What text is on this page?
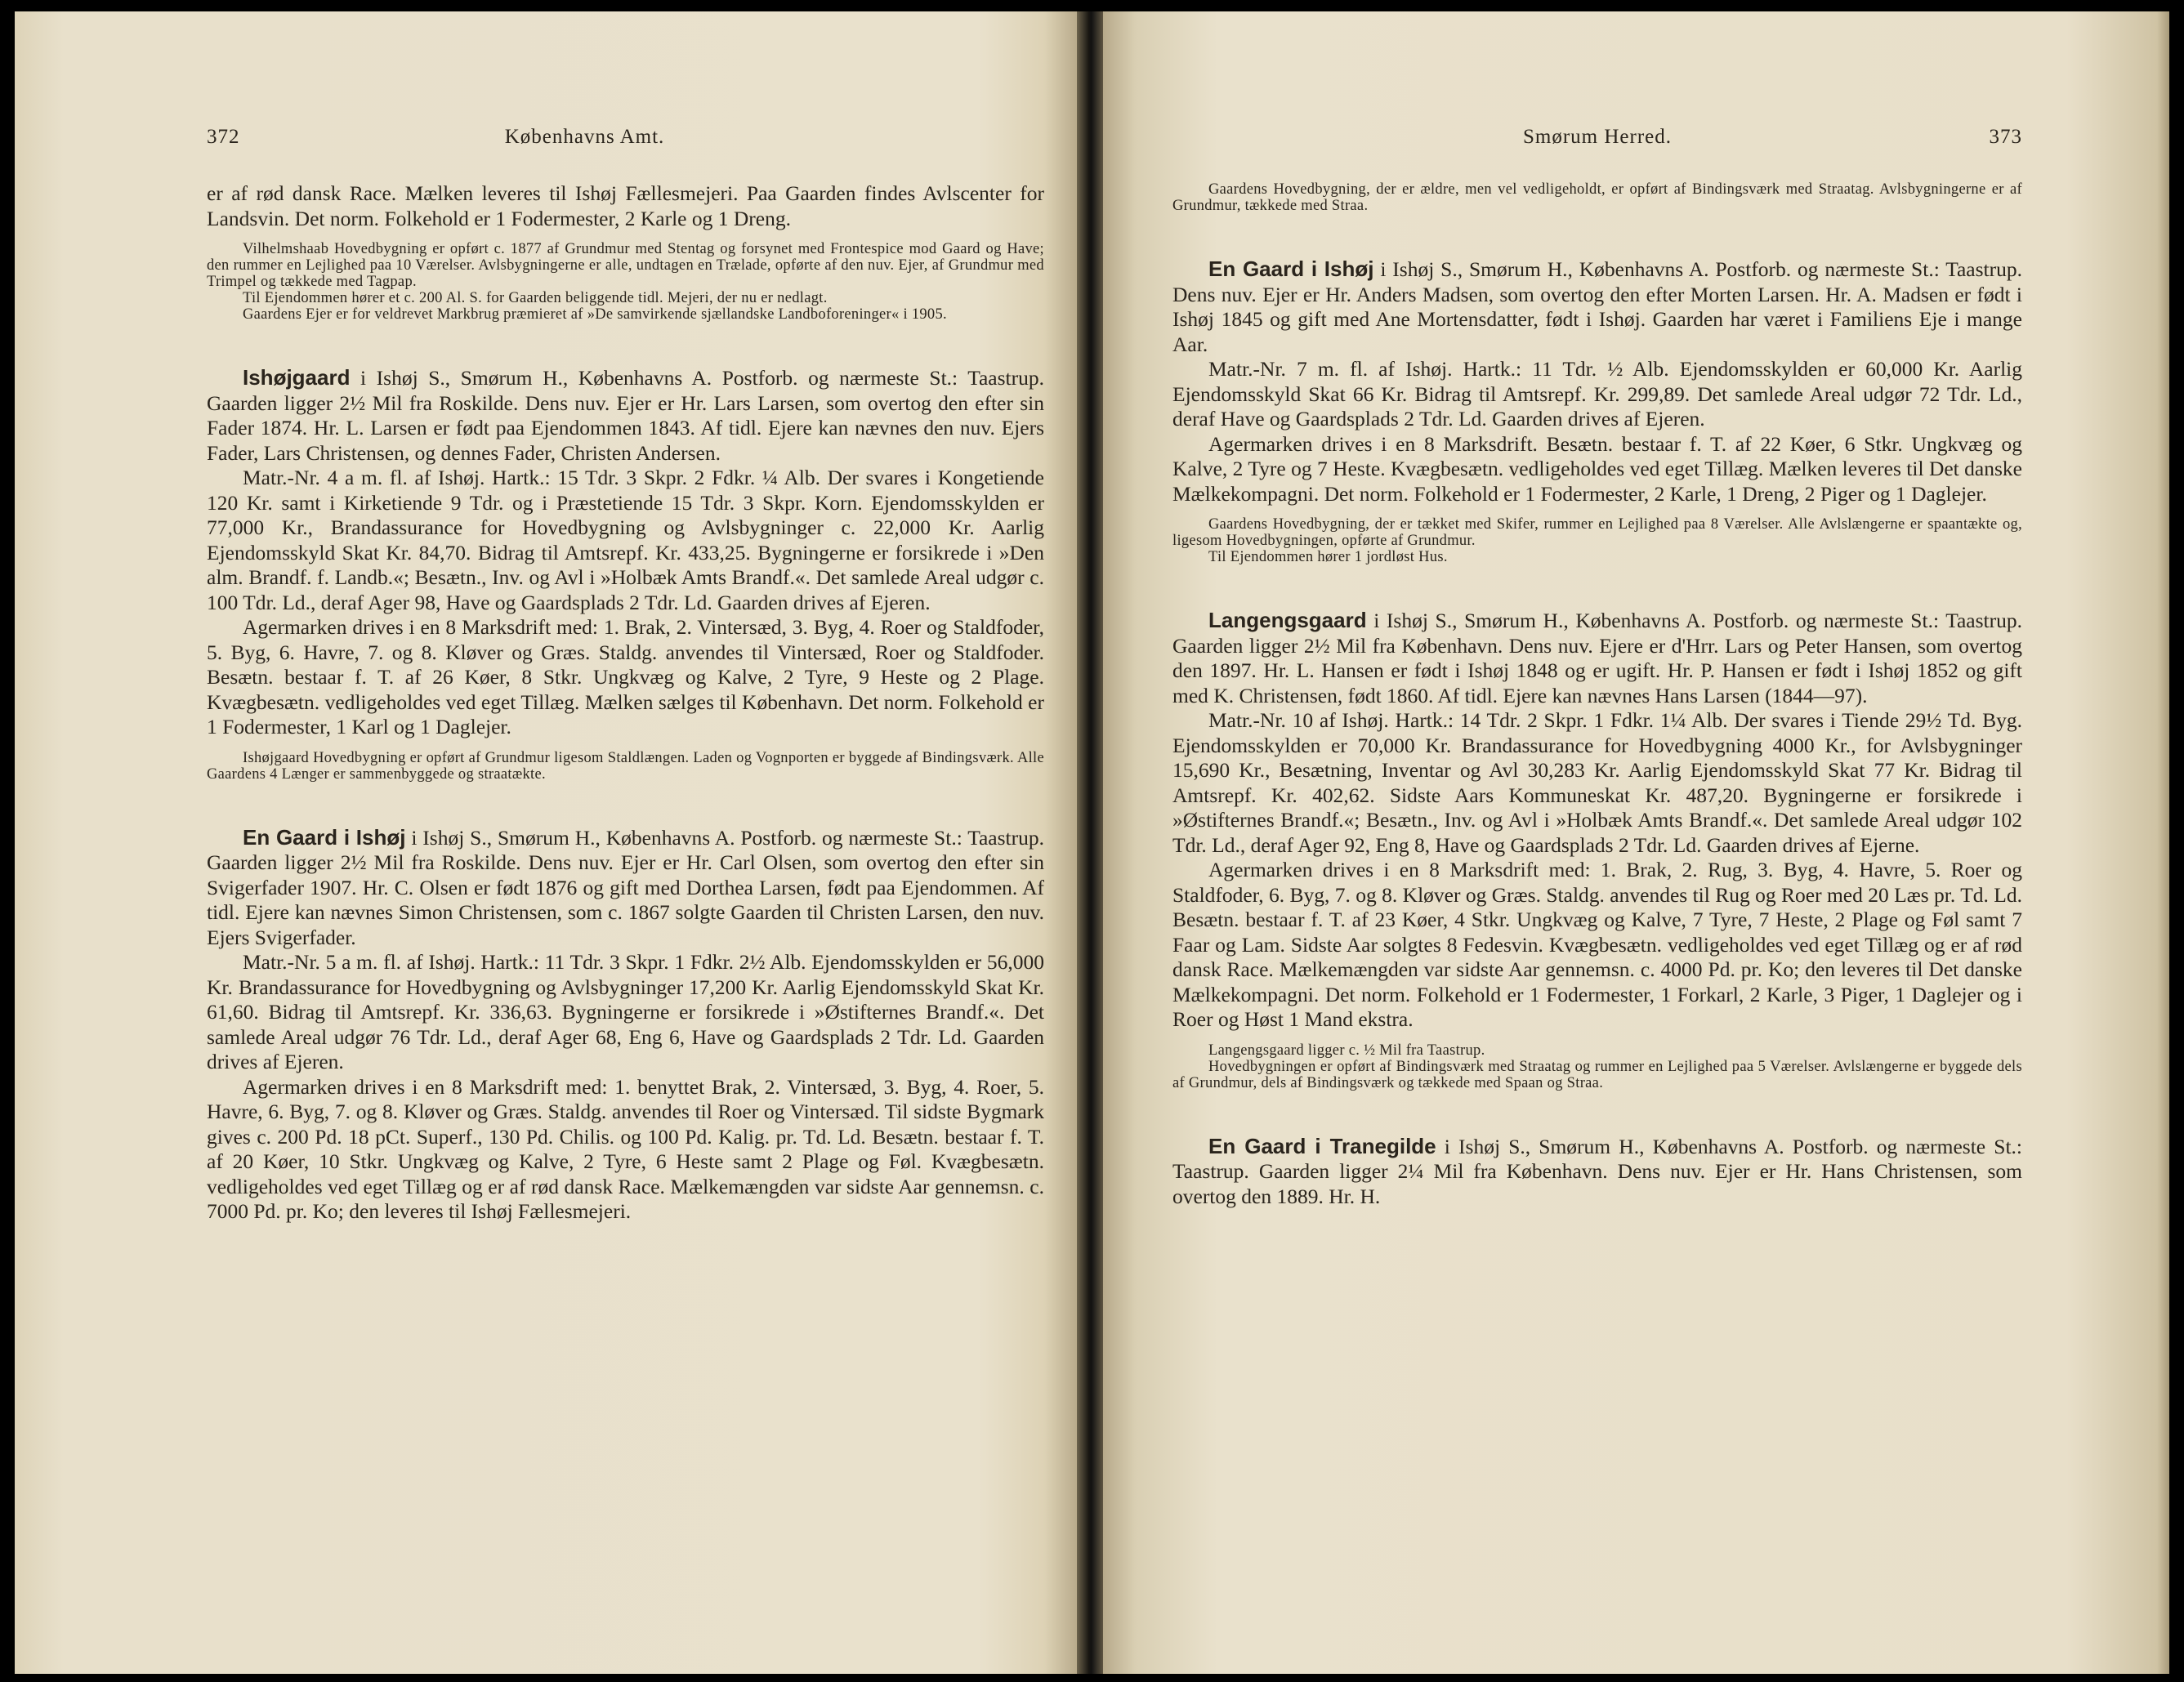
372	Københavns Amt.

er af rød dansk Race. Mælken leveres til Ishøj Fællesmejeri. Paa Gaarden findes Avlscenter for Landsvin. Det norm. Folkehold er 1 Fodermester, 2 Karle og 1 Dreng.

Vilhelmshaab Hovedbygning er opført c. 1877 af Grundmur med Stentag og forsynet med Frontespice mod Gaard og Have; den rummer en Lejlighed paa 10 Værelser. Avlsbygningerne er alle, undtagen en Trælade, opførte af den nuv. Ejer, af Grundmur med Trimpel og tækkede med Tagpap.

Til Ejendommen hører et c. 200 Al. S. for Gaarden beliggende tidl. Mejeri, der nu er nedlagt.

Gaardens Ejer er for veldrevet Markbrug præmieret af »De samvirkende sjællandske Landboforeninger« i 1905.

Ishøjgaard i Ishøj S., Smørum H., Københavns A. Postforb. og nærmeste St.: Taastrup. Gaarden ligger 2½ Mil fra Roskilde. Dens nuv. Ejer er Hr. Lars Larsen, som overtog den efter sin Fader 1874. Hr. L. Larsen er født paa Ejendommen 1843. Af tidl. Ejere kan nævnes den nuv. Ejers Fader, Lars Christensen, og dennes Fader, Christen Andersen.

Matr.-Nr. 4 a m. fl. af Ishøj. Hartk.: 15 Tdr. 3 Skpr. 2 Fdkr. ¼ Alb. Der svares i Kongetiende 120 Kr. samt i Kirketiende 9 Tdr. og i Præstetiende 15 Tdr. 3 Skpr. Korn. Ejendomsskylden er 77,000 Kr., Brandassurance for Hovedbygning og Avlsbygninger c. 22,000 Kr. Aarlig Ejendomsskyld Skat Kr. 84,70. Bidrag til Amtsrepf. Kr. 433,25. Bygningerne er forsikrede i »Den alm. Brandf. f. Landb.«; Besætn., Inv. og Avl i »Holbæk Amts Brandf.«. Det samlede Areal udgør c. 100 Tdr. Ld., deraf Ager 98, Have og Gaardsplads 2 Tdr. Ld. Gaarden drives af Ejeren.

Agermarken drives i en 8 Marksdrift med: 1. Brak, 2. Vintersæd, 3. Byg, 4. Roer og Staldfoder, 5. Byg, 6. Havre, 7. og 8. Kløver og Græs. Staldg. anvendes til Vintersæd, Roer og Staldfoder. Besætn. bestaar f. T. af 26 Køer, 8 Stkr. Ungkvæg og Kalve, 2 Tyre, 9 Heste og 2 Plage. Kvægbesætn. vedligeholdes ved eget Tillæg. Mælken sælges til København. Det norm. Folkehold er 1 Fodermester, 1 Karl og 1 Daglejer.

Ishøjgaard Hovedbygning er opført af Grundmur ligesom Staldlængen. Laden og Vognporten er byggede af Bindingsværk. Alle Gaardens 4 Længer er sammenbyggede og straatækte.

En Gaard i Ishøj i Ishøj S., Smørum H., Københavns A. Postforb. og nærmeste St.: Taastrup. Gaarden ligger 2½ Mil fra Roskilde. Dens nuv. Ejer er Hr. Carl Olsen, som overtog den efter sin Svigerfader 1907. Hr. C. Olsen er født 1876 og gift med Dorthea Larsen, født paa Ejendommen. Af tidl. Ejere kan nævnes Simon Christensen, som c. 1867 solgte Gaarden til Christen Larsen, den nuv. Ejers Svigerfader.

Matr.-Nr. 5 a m. fl. af Ishøj. Hartk.: 11 Tdr. 3 Skpr. 1 Fdkr. 2½ Alb. Ejendomsskylden er 56,000 Kr. Brandassurance for Hovedbygning og Avlsbygninger 17,200 Kr. Aarlig Ejendomsskyld Skat Kr. 61,60. Bidrag til Amtsrepf. Kr. 336,63. Bygningerne er forsikrede i »Østifternes Brandf.«. Det samlede Areal udgør 76 Tdr. Ld., deraf Ager 68, Eng 6, Have og Gaardsplads 2 Tdr. Ld. Gaarden drives af Ejeren.

Agermarken drives i en 8 Marksdrift med: 1. benyttet Brak, 2. Vintersæd, 3. Byg, 4. Roer, 5. Havre, 6. Byg, 7. og 8. Kløver og Græs. Staldg. anvendes til Roer og Vintersæd. Til sidste Bygmark gives c. 200 Pd. 18 pCt. Superf., 130 Pd. Chilis. og 100 Pd. Kalig. pr. Td. Ld. Besætn. bestaar f. T. af 20 Køer, 10 Stkr. Ungkvæg og Kalve, 2 Tyre, 6 Heste samt 2 Plage og Føl. Kvægbesætn. vedligeholdes ved eget Tillæg og er af rød dansk Race. Mælkemængden var sidste Aar gennemsn. c. 7000 Pd. pr. Ko; den leveres til Ishøj Fællesmejeri.

Smørum Herred.	373

Gaardens Hovedbygning, der er ældre, men vel vedligeholdt, er opført af Bindingsværk med Straatag. Avlsbygningerne er af Grundmur, tækkede med Straa.

En Gaard i Ishøj i Ishøj S., Smørum H., Københavns A. Postforb. og nærmeste St.: Taastrup. Dens nuv. Ejer er Hr. Anders Madsen, som overtog den efter Morten Larsen. Hr. A. Madsen er født i Ishøj 1845 og gift med Ane Mortensdatter, født i Ishøj. Gaarden har været i Familiens Eje i mange Aar.

Matr.-Nr. 7 m. fl. af Ishøj. Hartk.: 11 Tdr. ½ Alb. Ejendomsskylden er 60,000 Kr. Aarlig Ejendomsskyld Skat 66 Kr. Bidrag til Amtsrepf. Kr. 299,89. Det samlede Areal udgør 72 Tdr. Ld., deraf Have og Gaardsplads 2 Tdr. Ld. Gaarden drives af Ejeren.

Agermarken drives i en 8 Marksdrift. Besætn. bestaar f. T. af 22 Køer, 6 Stkr. Ungkvæg og Kalve, 2 Tyre og 7 Heste. Kvægbesætn. vedligeholdes ved eget Tillæg. Mælken leveres til Det danske Mælkekompagni. Det norm. Folkehold er 1 Fodermester, 2 Karle, 1 Dreng, 2 Piger og 1 Daglejer.

Gaardens Hovedbygning, der er tækket med Skifer, rummer en Lejlighed paa 8 Værelser. Alle Avlslængerne er spaantækte og, ligesom Hovedbygningen, opførte af Grundmur.

Til Ejendommen hører 1 jordløst Hus.

Langengsgaard i Ishøj S., Smørum H., Københavns A. Postforb. og nærmeste St.: Taastrup. Gaarden ligger 2½ Mil fra København. Dens nuv. Ejere er d'Hrr. Lars og Peter Hansen, som overtog den 1897. Hr. L. Hansen er født i Ishøj 1848 og er ugift. Hr. P. Hansen er født i Ishøj 1852 og gift med K. Christensen, født 1860. Af tidl. Ejere kan nævnes Hans Larsen (1844—97).

Matr.-Nr. 10 af Ishøj. Hartk.: 14 Tdr. 2 Skpr. 1 Fdkr. 1¼ Alb. Der svares i Tiende 29½ Td. Byg. Ejendomsskylden er 70,000 Kr. Brandassurance for Hovedbygning 4000 Kr., for Avlsbygninger 15,690 Kr., Besætning, Inventar og Avl 30,283 Kr. Aarlig Ejendomsskyld Skat 77 Kr. Bidrag til Amtsrepf. Kr. 402,62. Sidste Aars Kommuneskat Kr. 487,20. Bygningerne er forsikrede i »Østifternes Brandf.«; Besætn., Inv. og Avl i »Holbæk Amts Brandf.«. Det samlede Areal udgør 102 Tdr. Ld., deraf Ager 92, Eng 8, Have og Gaardsplads 2 Tdr. Ld. Gaarden drives af Ejerne.

Agermarken drives i en 8 Marksdrift med: 1. Brak, 2. Rug, 3. Byg, 4. Havre, 5. Roer og Staldfoder, 6. Byg, 7. og 8. Kløver og Græs. Staldg. anvendes til Rug og Roer med 20 Læs pr. Td. Ld. Besætn. bestaar f. T. af 23 Køer, 4 Stkr. Ungkvæg og Kalve, 7 Tyre, 7 Heste, 2 Plage og Føl samt 7 Faar og Lam. Sidste Aar solgtes 8 Fedesvin. Kvægbesætn. vedligeholdes ved eget Tillæg og er af rød dansk Race. Mælkemængden var sidste Aar gennemsn. c. 4000 Pd. pr. Ko; den leveres til Det danske Mælkekompagni. Det norm. Folkehold er 1 Fodermester, 1 Forkarl, 2 Karle, 3 Piger, 1 Daglejer og i Roer og Høst 1 Mand ekstra.

Langengsgaard ligger c. ½ Mil fra Taastrup.

Hovedbygningen er opført af Bindingsværk med Straatag og rummer en Lejlighed paa 5 Værelser. Avlslængerne er byggede dels af Grundmur, dels af Bindingsværk og tækkede med Spaan og Straa.

En Gaard i Tranegilde i Ishøj S., Smørum H., Københavns A. Postforb. og nærmeste St.: Taastrup. Gaarden ligger 2¼ Mil fra København. Dens nuv. Ejer er Hr. Hans Christensen, som overtog den 1889. Hr. H.
